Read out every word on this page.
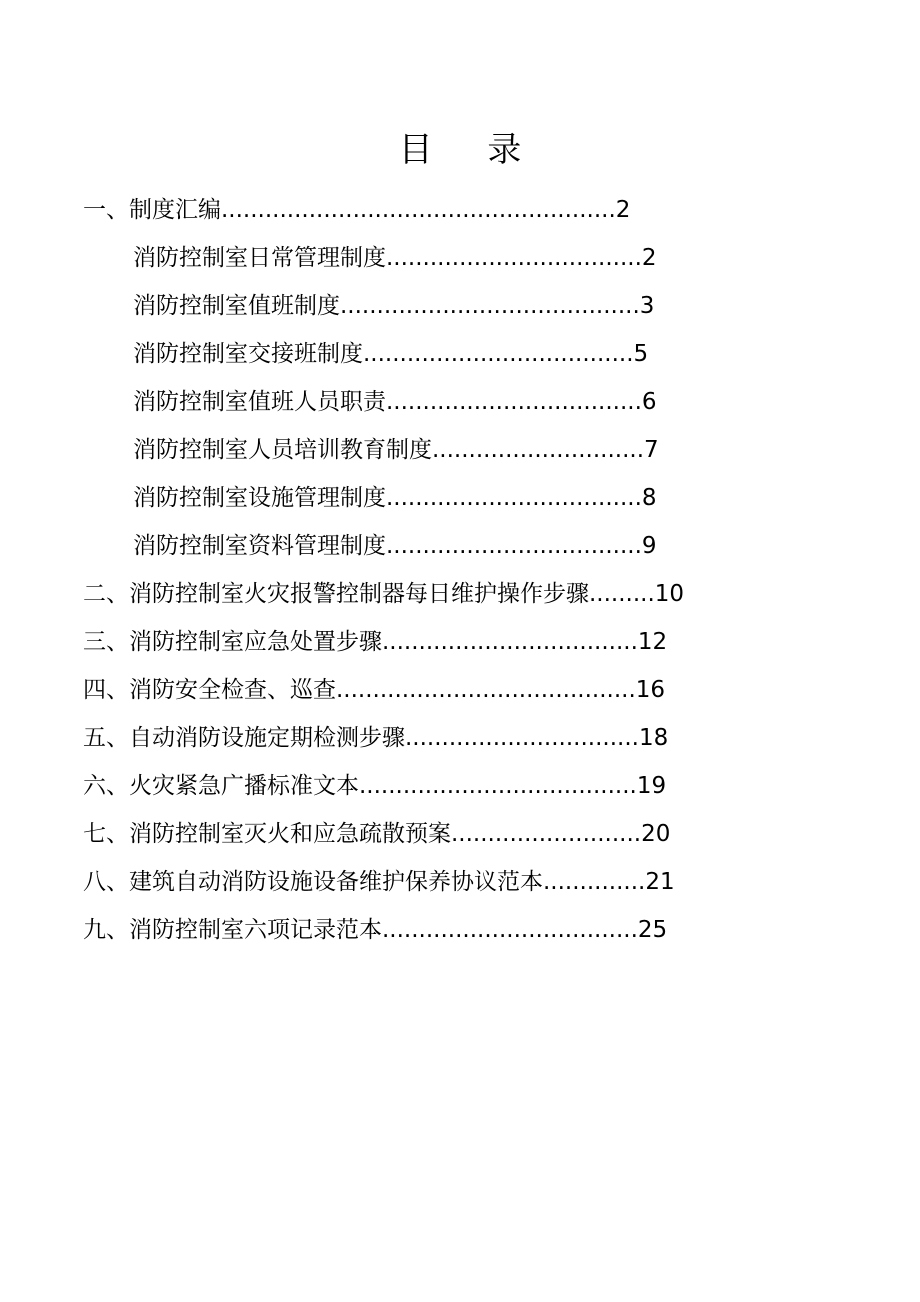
目 录
一、制度汇编......................................................2
消防控制室日常管理制度...................................2
消防控制室值班制度.........................................3
消防控制室交接班制度.....................................5
消防控制室值班人员职责...................................6
消防控制室人员培训教育制度.............................7
消防控制室设施管理制度...................................8
消防控制室资料管理制度...................................9
二、消防控制室火灾报警控制器每日维护操作步骤.........10
三、消防控制室应急处置步骤...................................12
四、消防安全检查、巡查.........................................16
五、自动消防设施定期检测步骤................................18
六、火灾紧急广播标准文本......................................19
七、消防控制室灭火和应急疏散预案..........................20
八、建筑自动消防设施设备维护保养协议范本..............21
九、消防控制室六项记录范本...................................25
